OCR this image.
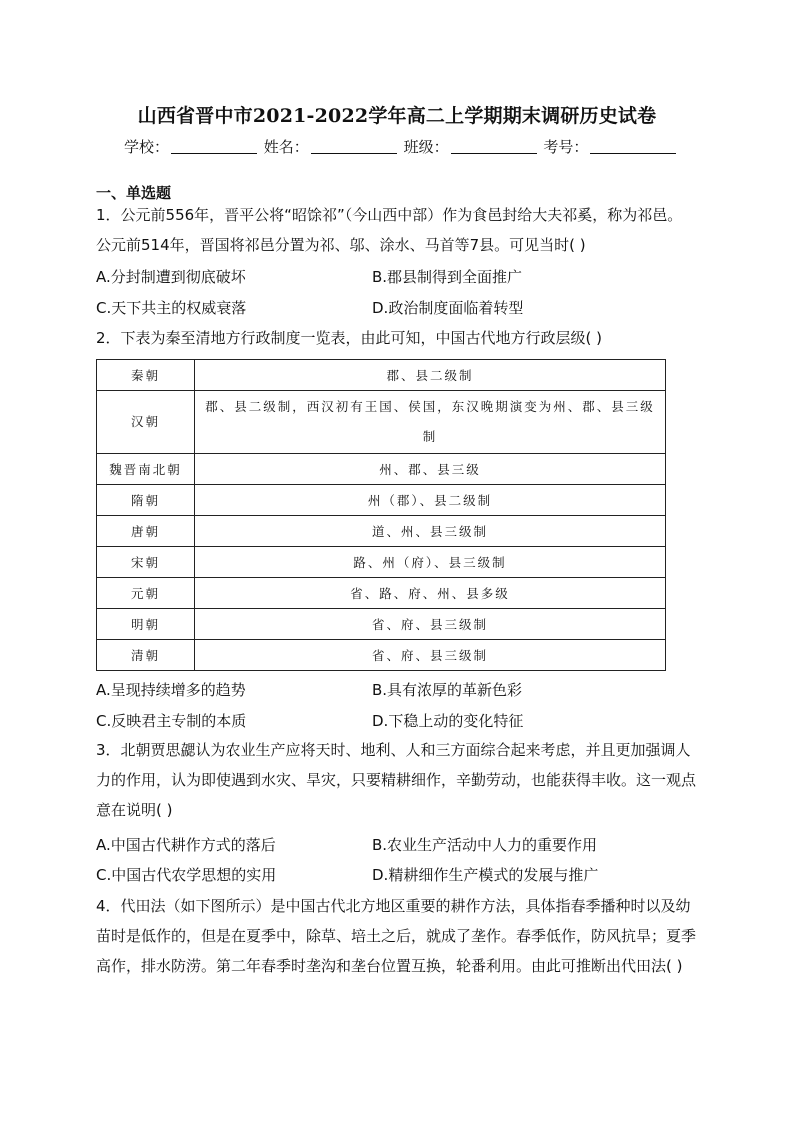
山西省晋中市2021-2022学年高二上学期期末调研历史试卷
学校：	姓名：	班级：	考号：
一、单选题
1．公元前556年，晋平公将“昭馀祁”（今山西中部）作为食邑封给大夫祁奚，称为祁邑。公元前514年，晋国将祁邑分置为祁、邬、涂水、马首等7县。可见当时( )
A.分封制遭到彻底破坏	B.郡县制得到全面推广
C.天下共主的权威衰落	D.政治制度面临着转型
2．下表为秦至清地方行政制度一览表，由此可知，中国古代地方行政层级( )
秦朝	郡、县二级制
汉朝	郡、县二级制，西汉初有王国、侯国，东汉晚期演变为州、郡、县三级制
魏晋南北朝	州、郡、县三级
隋朝	州（郡）、县二级制
唐朝	道、州、县三级制
宋朝	路、州（府）、县三级制
元朝	省、路、府、州、县多级
明朝	省、府、县三级制
清朝	省、府、县三级制
A.呈现持续增多的趋势	B.具有浓厚的革新色彩
C.反映君主专制的本质	D.下稳上动的变化特征
3．北朝贾思勰认为农业生产应将天时、地利、人和三方面综合起来考虑，并且更加强调人力的作用，认为即使遇到水灾、旱灾，只要精耕细作，辛勤劳动，也能获得丰收。这一观点意在说明( )
A.中国古代耕作方式的落后	B.农业生产活动中人力的重要作用
C.中国古代农学思想的实用	D.精耕细作生产模式的发展与推广
4．代田法（如下图所示）是中国古代北方地区重要的耕作方法，具体指春季播种时以及幼苗时是低作的，但是在夏季中，除草、培土之后，就成了垄作。春季低作，防风抗旱；夏季高作，排水防涝。第二年春季时垄沟和垄台位置互换，轮番利用。由此可推断出代田法( )
